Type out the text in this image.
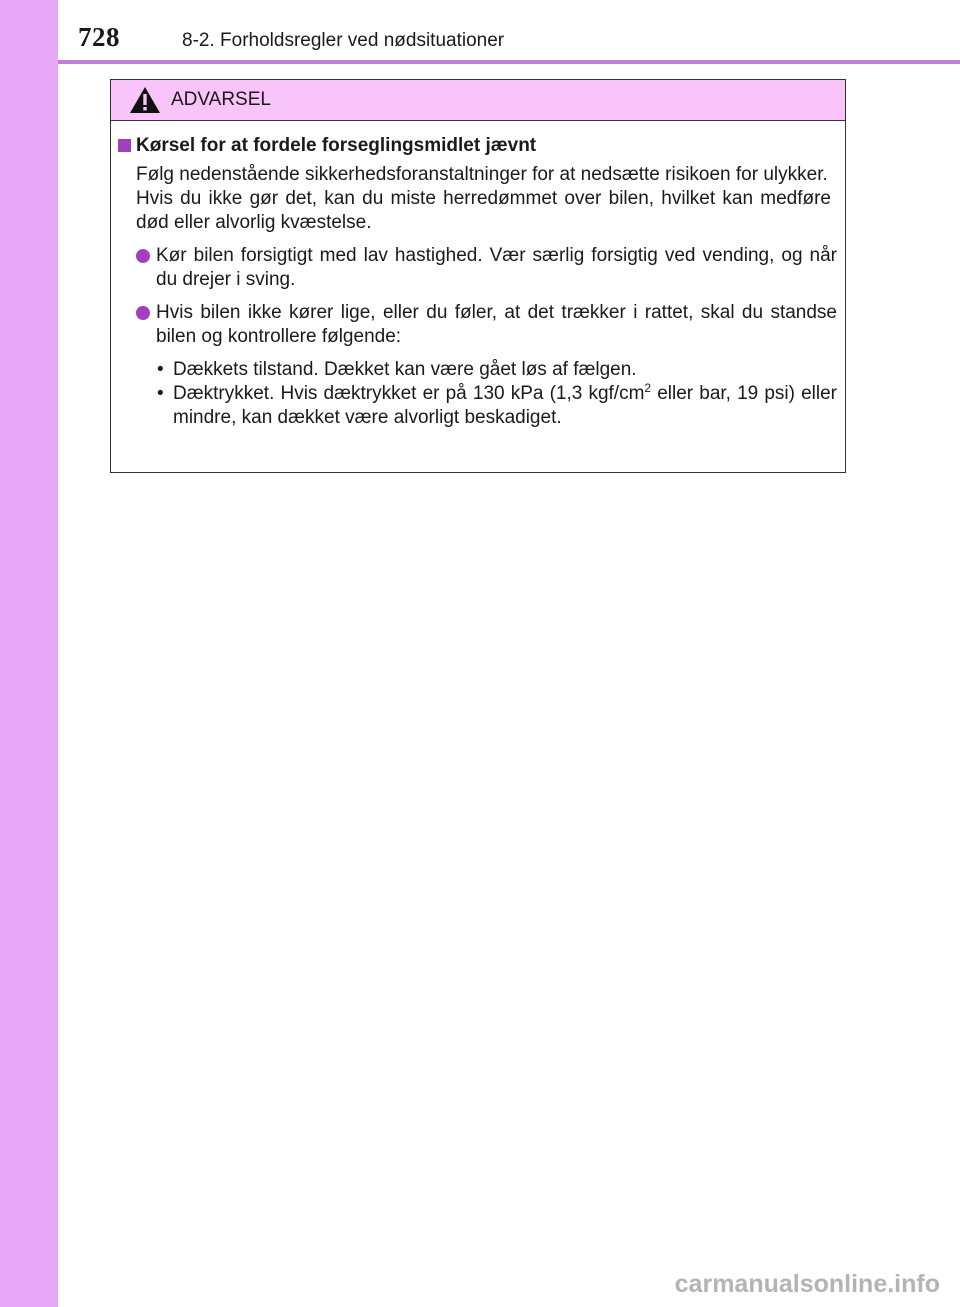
728	8-2. Forholdsregler ved nødsituationer
ADVARSEL
Kørsel for at fordele forseglingsmidlet jævnt

Følg nedenstående sikkerhedsforanstaltninger for at nedsætte risikoen for ulykker.

Hvis du ikke gør det, kan du miste herredømmet over bilen, hvilket kan medføre død eller alvorlig kvæstelse.

Kør bilen forsigtigt med lav hastighed. Vær særlig forsigtig ved vending, og når du drejer i sving.
Hvis bilen ikke kører lige, eller du føler, at det trækker i rattet, skal du standse bilen og kontrollere følgende:
• Dækkets tilstand. Dækket kan være gået løs af fælgen.
• Dæktrykket. Hvis dæktrykket er på 130 kPa (1,3 kgf/$cm^2$ eller bar, 19 psi) eller mindre, kan dækket være alvorligt beskadiget.
carmanualsonline.info
